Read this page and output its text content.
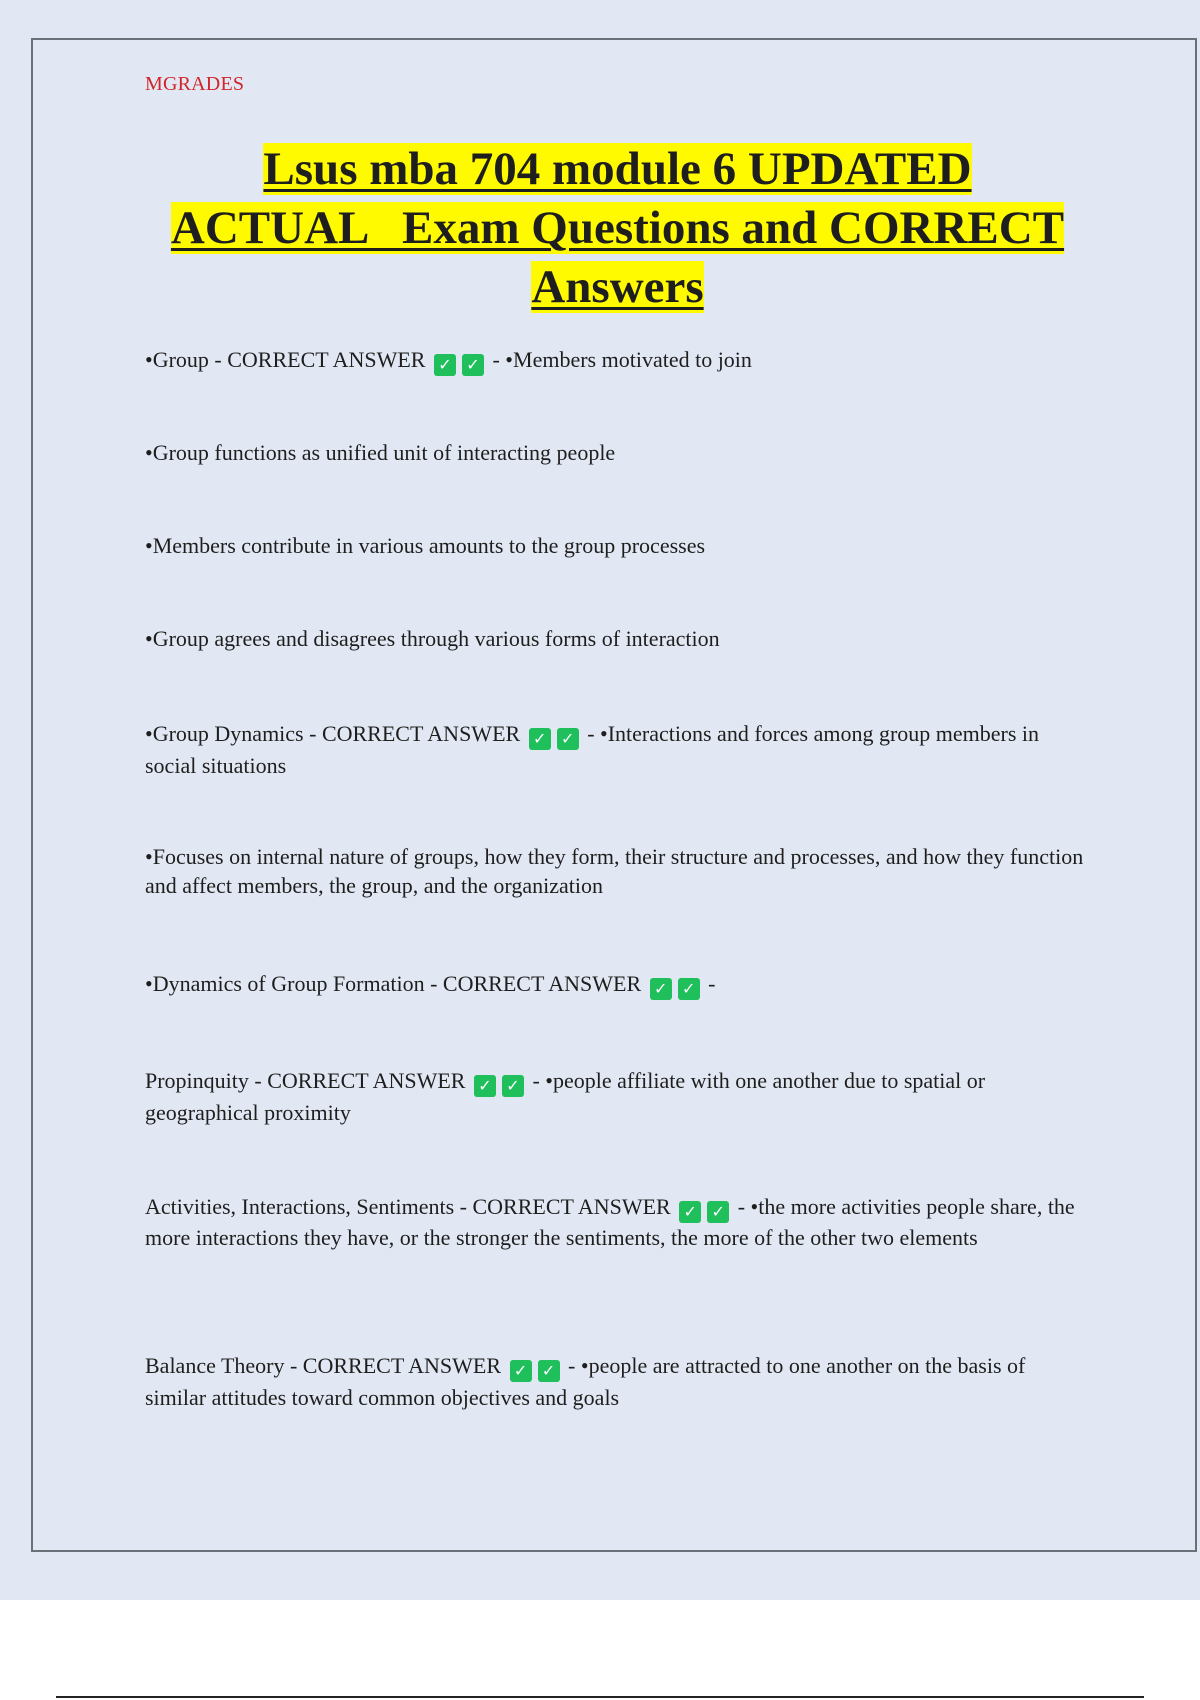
MGRADES
Lsus mba 704 module 6 UPDATED
ACTUAL   Exam Questions and CORRECT
Answers

•Group - CORRECT ANSWER ✓ ✓ - •Members motivated to join

•Group functions as unified unit of interacting people

•Members contribute in various amounts to the group processes

•Group agrees and disagrees through various forms of interaction

•Group Dynamics - CORRECT ANSWER ✓ ✓ - •Interactions and forces among group members in social situations

•Focuses on internal nature of groups, how they form, their structure and processes, and how they function and affect members, the group, and the organization

•Dynamics of Group Formation - CORRECT ANSWER ✓ ✓ -

Propinquity - CORRECT ANSWER ✓ ✓ - •people affiliate with one another due to spatial or geographical proximity

Activities, Interactions, Sentiments - CORRECT ANSWER ✓ ✓ - •the more activities people share, the more interactions they have, or the stronger the sentiments, the more of the other two elements

Balance Theory - CORRECT ANSWER ✓ ✓ - •people are attracted to one another on the basis of similar attitudes toward common objectives and goals
